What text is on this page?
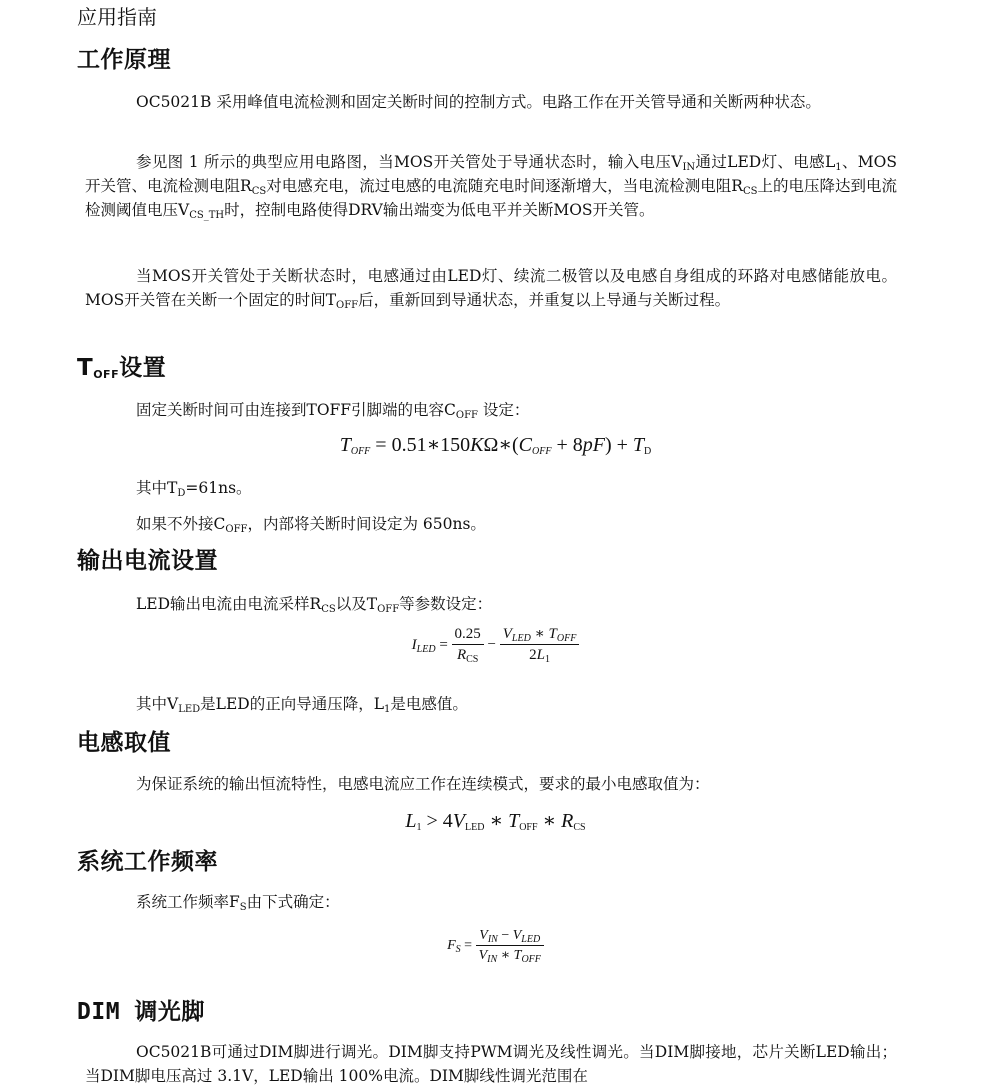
应用指南
工作原理

OC5021B 采用峰值电流检测和固定关断时间的控制方式。电路工作在开关管导通和关断两种状态。

参见图 1 所示的典型应用电路图，当MOS开关管处于导通状态时，输入电压$V_{IN}$通过LED灯、电感$L_1$、MOS开关管、电流检测电阻$R_{CS}$对电感充电，流过电感的电流随充电时间逐渐增大，当电流检测电阻$R_{CS}$上的电压降达到电流检测阈值电压$V_{CS\_TH}$时，控制电路使得DRV输出端变为低电平并关断MOS开关管。

当MOS开关管处于关断状态时，电感通过由LED灯、续流二极管以及电感自身组成的环路对电感储能放电。MOS开关管在关断一个固定的时间$T_{OFF}$后，重新回到导通状态，并重复以上导通与关断过程。

$T_{OFF}$设置

固定关断时间可由连接到TOFF引脚端的电容$C_{OFF}$ 设定：

$T_{OFF}$ = $0.51∗150K\Omega∗(C_{OFF} + 8pF) + T_D$

其中$T_D=61ns$。

如果不外接$C_{OFF}$，内部将关断时间设定为 650ns。

输出电流设置

LED输出电流由电流采样$R_{CS}$以及$T_{OFF}$等参数设定：

$I_{LED} = \frac{0.25}{R_{CS}} - \frac{V_{LED} ∗ T_{OFF}}{2L_1}$

其中$V_{LED}$是LED的正向导通压降，$L_1$是电感值。

电感取值

为保证系统的输出恒流特性，电感电流应工作在连续模式，要求的最小电感取值为：

$L_1 > 4V_{LED}$ ∗ $T_{OFF}$ ∗ $R_{CS}$
系统工作频率

系统工作频率$F_S$由下式确定：

$F_S = \frac{V_{IN} - V_{LED}}{V_{IN} ∗ T_{OFF}}$
DIM 调光脚

OC5021B可通过DIM脚进行调光。DIM脚支持PWM调光及线性调光。当DIM脚接地，芯片关断LED输出；当DIM脚电压高过 3.1V，LED输出 100%电流。DIM脚线性调光范围在
